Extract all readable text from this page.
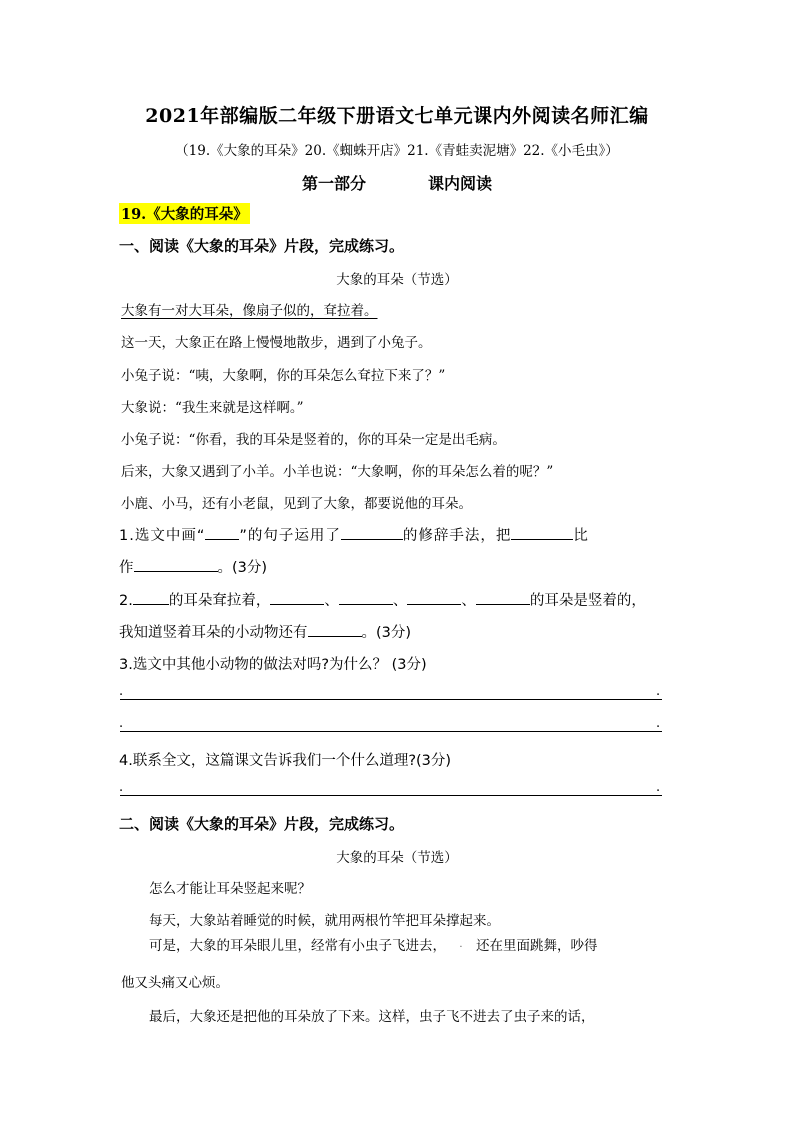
2021年部编版二年级下册语文七单元课内外阅读名师汇编
（19.《大象的耳朵》20.《蜘蛛开店》21.《青蛙卖泥塘》22.《小毛虫》）
第一部分	课内阅读
19.《大象的耳朵》
一、阅读《大象的耳朵》片段，完成练习。
大象的耳朵（节选）
大象有一对大耳朵，像扇子似的，耷拉着。
这一天，大象正在路上慢慢地散步，遇到了小兔子。
小兔子说：“咦，大象啊，你的耳朵怎么耷拉下来了？”
大象说：“我生来就是这样啊。”
小兔子说：“你看，我的耳朵是竖着的，你的耳朵一定是出毛病。
后来，大象又遇到了小羊。小羊也说：“大象啊，你的耳朵怎么着的呢？”
小鹿、小马，还有小老鼠，见到了大象，都要说他的耳朵。
1.选文中画“ ”的句子运用了	的修辞手法，把	比
作	。(3分)
2. 的耳朵耷拉着，	、	、	、	的耳朵是竖着的，
我知道竖着耳朵的小动物还有	。(3分)
3.选文中其他小动物的做法对吗?为什么？ (3分)
.	.
.	.
4.联系全文，这篇课文告诉我们一个什么道理?(3分)
.	.
二、阅读《大象的耳朵》片段，完成练习。
大象的耳朵（节选）
怎么才能让耳朵竖起来呢？
每天，大象站着睡觉的时候，就用两根竹竿把耳朵撑起来。
可是，大象的耳朵眼儿里，经常有小虫子飞进去， · 还在里面跳舞，吵得
他又头痛又心烦。
最后，大象还是把他的耳朵放了下来。这样，虫子飞不进去了虫子来的话，
